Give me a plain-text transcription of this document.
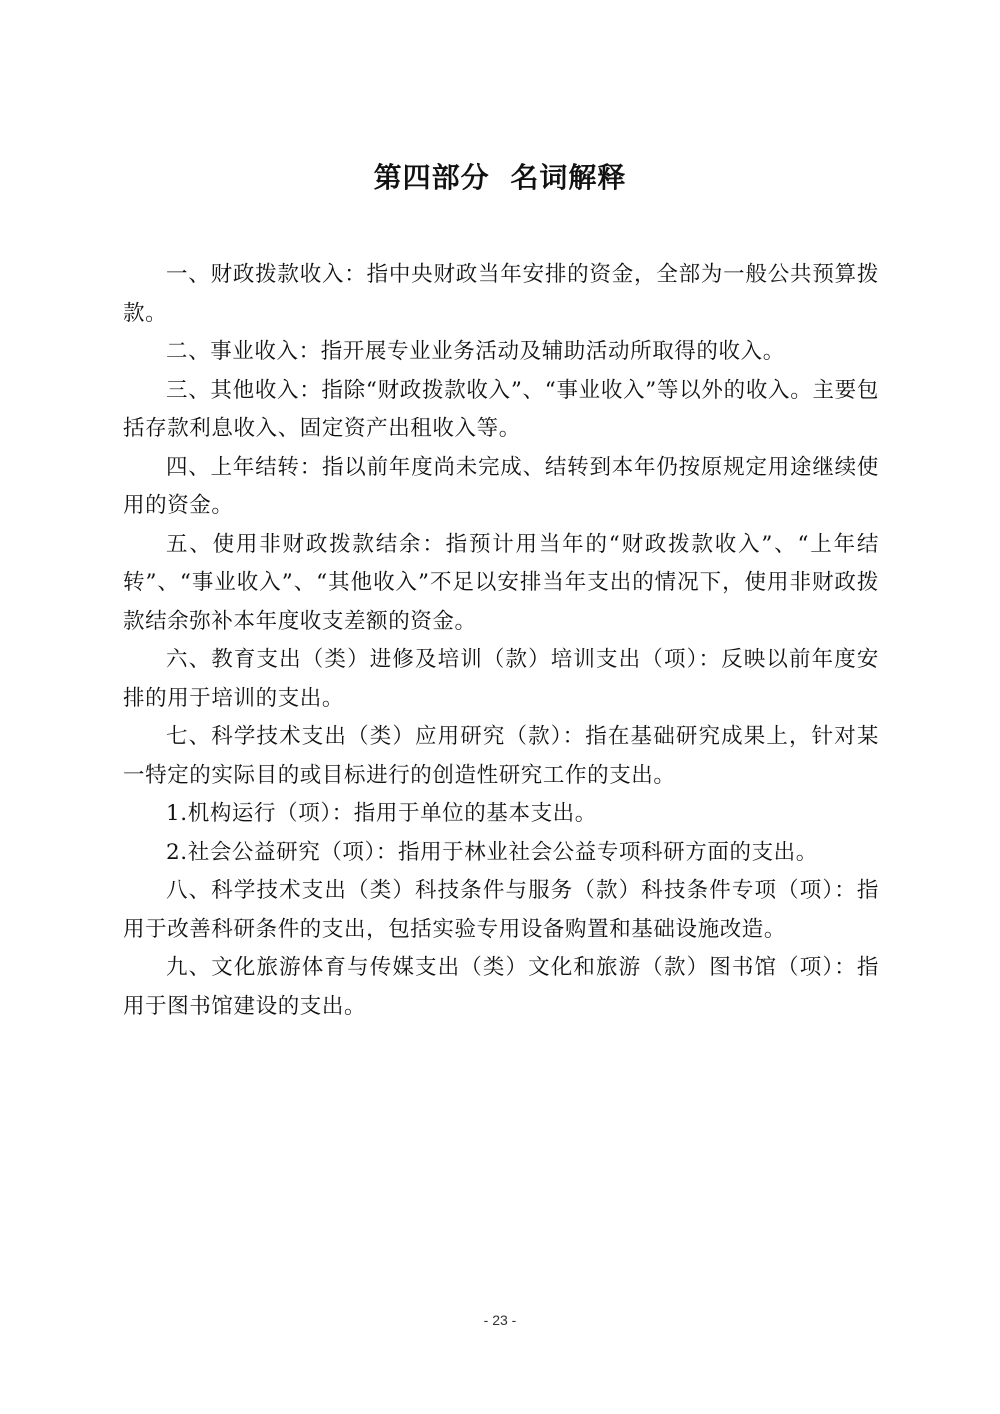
第四部分 名词解释

一、财政拨款收入：指中央财政当年安排的资金，全部为一般公共预算拨款。

二、事业收入：指开展专业业务活动及辅助活动所取得的收入。

三、其他收入：指除“财政拨款收入”、“事业收入”等以外的收入。主要包括存款利息收入、固定资产出租收入等。

四、上年结转：指以前年度尚未完成、结转到本年仍按原规定用途继续使用的资金。

五、使用非财政拨款结余：指预计用当年的“财政拨款收入”、“上年结转”、“事业收入”、“其他收入”不足以安排当年支出的情况下，使用非财政拨款结余弥补本年度收支差额的资金。

六、教育支出（类）进修及培训（款）培训支出（项）：反映以前年度安排的用于培训的支出。

七、科学技术支出（类）应用研究（款）：指在基础研究成果上，针对某一特定的实际目的或目标进行的创造性研究工作的支出。

1.机构运行（项）：指用于单位的基本支出。

2.社会公益研究（项）：指用于林业社会公益专项科研方面的支出。

八、科学技术支出（类）科技条件与服务（款）科技条件专项（项）：指用于改善科研条件的支出，包括实验专用设备购置和基础设施改造。

九、文化旅游体育与传媒支出（类）文化和旅游（款）图书馆（项）：指用于图书馆建设的支出。

- 23 -
